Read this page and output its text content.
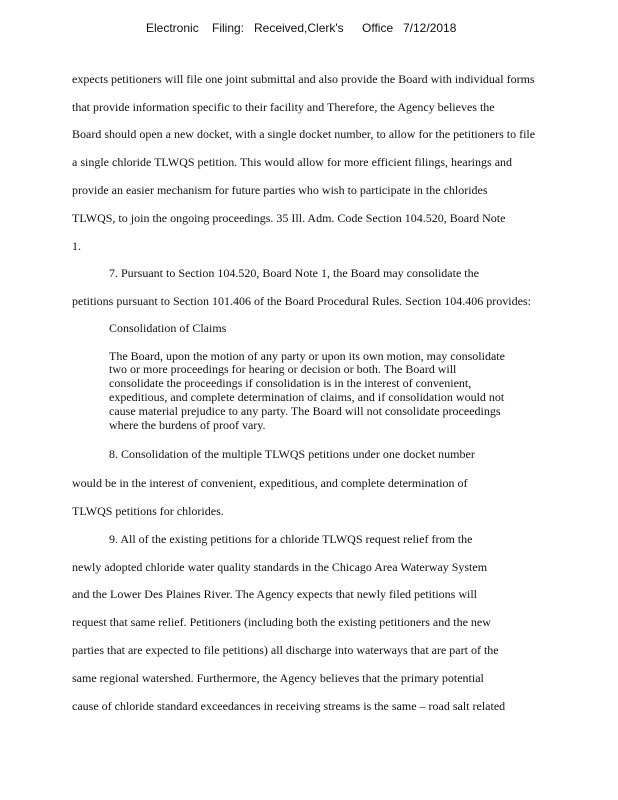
Electronic Filing: Received,Clerk's Office 7/12/2018
expects petitioners will file one joint submittal and also provide the Board with individual forms
that provide information specific to their facility and Therefore, the Agency believes the
Board should open a new docket, with a single docket number, to allow for the petitioners to file
a single chloride TLWQS petition. This would allow for more efficient filings, hearings and
provide an easier mechanism for future parties who wish to participate in the chlorides
TLWQS, to join the ongoing proceedings. 35 Ill. Adm. Code Section 104.520, Board Note
1.
7. Pursuant to Section 104.520, Board Note 1, the Board may consolidate the
petitions pursuant to Section 101.406 of the Board Procedural Rules. Section 104.406 provides:
Consolidation of Claims
The Board, upon the motion of any party or upon its own motion, may consolidate
two or more proceedings for hearing or decision or both. The Board will
consolidate the proceedings if consolidation is in the interest of convenient,
expeditious, and complete determination of claims, and if consolidation would not
cause material prejudice to any party. The Board will not consolidate proceedings
where the burdens of proof vary.
8. Consolidation of the multiple TLWQS petitions under one docket number
would be in the interest of convenient, expeditious, and complete determination of
TLWQS petitions for chlorides.
9. All of the existing petitions for a chloride TLWQS request relief from the
newly adopted chloride water quality standards in the Chicago Area Waterway System
and the Lower Des Plaines River. The Agency expects that newly filed petitions will
request that same relief. Petitioners (including both the existing petitioners and the new
parties that are expected to file petitions) all discharge into waterways that are part of the
same regional watershed. Furthermore, the Agency believes that the primary potential
cause of chloride standard exceedances in receiving streams is the same – road salt related
